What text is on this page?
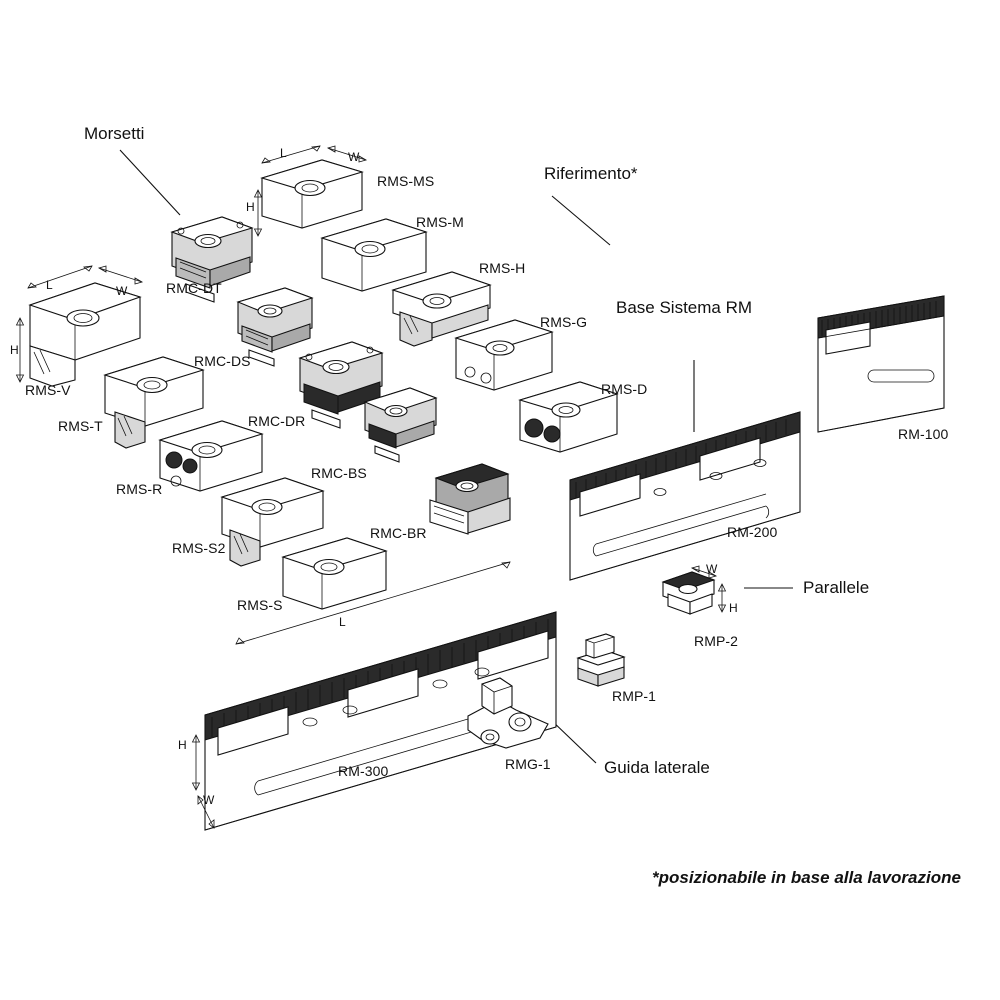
Morsetti
Riferimento*
Base Sistema RM
Parallele
Guida laterale
RMS-V
RMS-T
RMS-R
RMS-S2
RMS-S
RMC-DT
RMC-DS
RMC-DR
RMC-BS
RMC-BR
RMS-MS
RMS-M
RMS-H
RMS-G
RMS-D
RM-100
RM-200
RM-300
RMP-1
RMP-2
RMG-1
L	W
H
L	W
H
W
H
L
H
W
*posizionabile in base alla lavorazione
